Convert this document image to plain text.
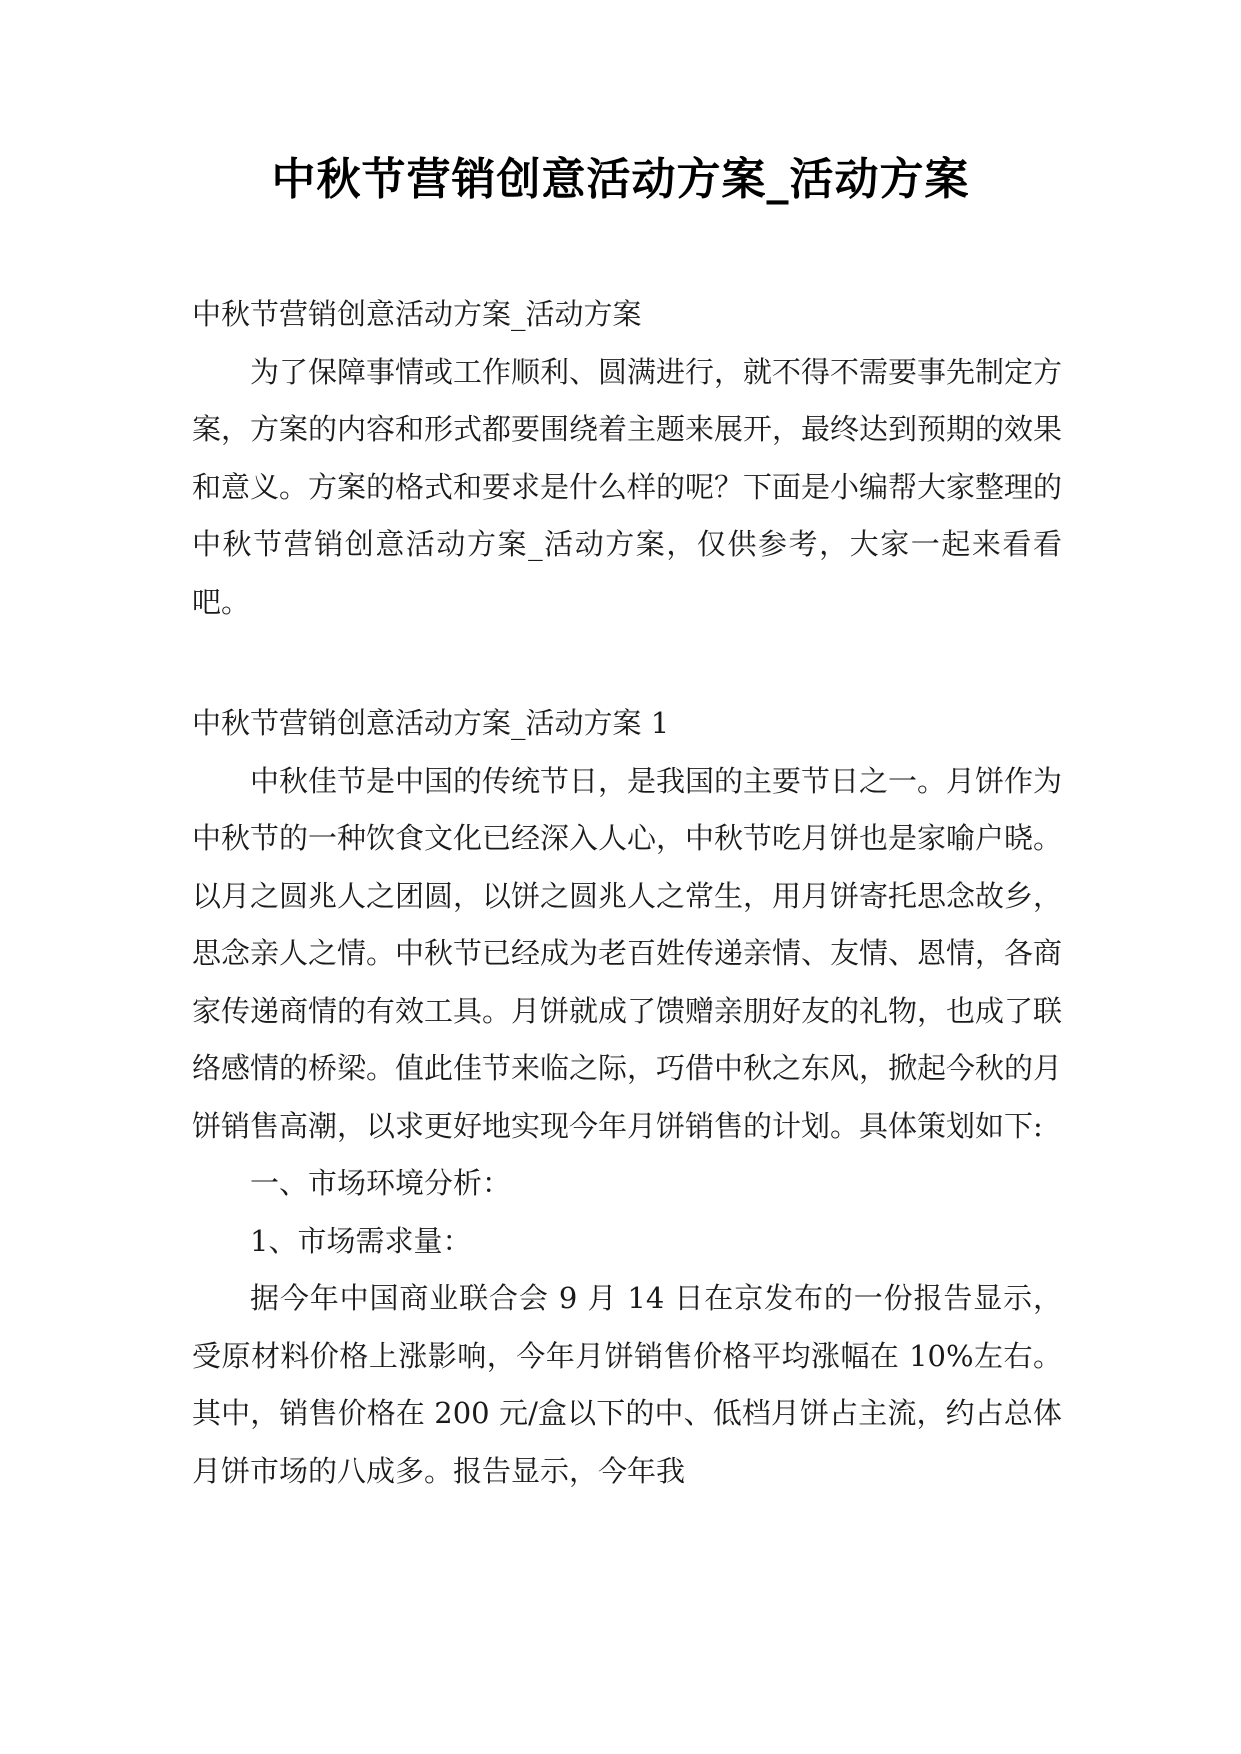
中秋节营销创意活动方案_活动方案

中秋节营销创意活动方案_活动方案

为了保障事情或工作顺利、圆满进行，就不得不需要事先制定方案，方案的内容和形式都要围绕着主题来展开，最终达到预期的效果和意义。方案的格式和要求是什么样的呢？下面是小编帮大家整理的中秋节营销创意活动方案_活动方案，仅供参考，大家一起来看看吧。

中秋节营销创意活动方案_活动方案 1

中秋佳节是中国的传统节日，是我国的主要节日之一。月饼作为中秋节的一种饮食文化已经深入人心，中秋节吃月饼也是家喻户晓。以月之圆兆人之团圆，以饼之圆兆人之常生，用月饼寄托思念故乡，思念亲人之情。中秋节已经成为老百姓传递亲情、友情、恩情，各商家传递商情的有效工具。月饼就成了馈赠亲朋好友的礼物，也成了联络感情的桥梁。值此佳节来临之际，巧借中秋之东风，掀起今秋的月饼销售高潮，以求更好地实现今年月饼销售的计划。具体策划如下:

一、市场环境分析：

1、市场需求量：

据今年中国商业联合会 9 月 14 日在京发布的一份报告显示，受原材料价格上涨影响，今年月饼销售价格平均涨幅在 10%左右。其中，销售价格在 200 元/盒以下的中、低档月饼占主流，约占总体月饼市场的八成多。报告显示，今年我
